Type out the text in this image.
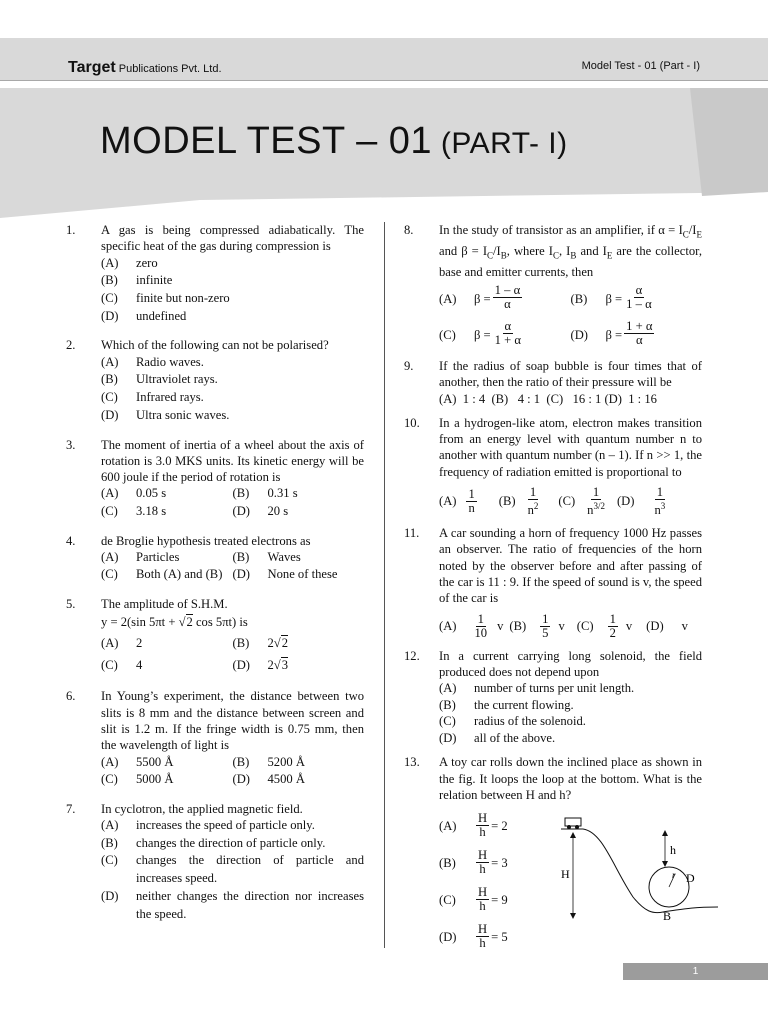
Target Publications Pvt. Ltd.	Model Test - 01 (Part - I)
MODEL TEST – 01 (PART- I)
1. A gas is being compressed adiabatically. The specific heat of the gas during compression is
(A)	zero
(B)	infinite
(C)	finite but non-zero
(D)	undefined
2. Which of the following can not be polarised?
(A)	Radio waves.
(B)	Ultraviolet rays.
(C)	Infrared rays.
(D)	Ultra sonic waves.
3. The moment of inertia of a wheel about the axis of rotation is 3.0 MKS units. Its kinetic energy will be 600 joule if the period of rotation is
(A)	0.05 s	(B)	0.31 s
(C)	3.18 s	(D)	20 s
4. de Broglie hypothesis treated electrons as
(A)	Particles	(B)	Waves
(C)	Both (A) and (B) (D)	None of these
5. The amplitude of S.H.M.
y = 2(sin 5πt + √2 cos 5πt) is
(A)	2	(B)	2√2
(C)	4	(D)	2√3
6. In Young’s experiment, the distance between two slits is 8 mm and the distance between screen and slit is 1.2 m. If the fringe width is 0.75 mm, then the wavelength of light is
(A)	5500 Å	(B)	5200 Å
(C)	5000 Å	(D)	4500 Å
7. In cyclotron, the applied magnetic field.
(A)	increases the speed of particle only.
(B)	changes the direction of particle only.
(C)	changes the direction of particle and increases speed.
(D)	neither changes the direction nor increases the speed.
8. In the study of transistor as an amplifier, if $\alpha = I_C/I_E$ and $\beta = I_C/I_B$, where $I_C$, $I_B$ and $I_E$ are the collector, base and emitter currents, then
(A)	$\beta = \frac{1 - \alpha}{\alpha}$	(B)	$\beta = \frac{\alpha}{1 - \alpha}$
(C)	$\beta = \frac{\alpha}{1 + \alpha}$	(D)	$\beta = \frac{1 + \alpha}{\alpha}$
9. If the radius of soap bubble is four times that of another, then the ratio of their pressure will be
(A)  1 : 4  (B)   4 : 1  (C)   16 : 1 (D)  1 : 16
10. In a hydrogen-like atom, electron makes transition from an energy level with quantum number n to another with quantum number (n – 1). If n >> 1, the frequency of radiation emitted is proportional to
$(A) \frac{1}{n} (B) \frac{1}{n^2} (C) \frac{1}{n^{3/2}} (D) \frac{1}{n^3}$
11. A car sounding a horn of frequency 1000 Hz passes an observer. The ratio of frequencies of the horn noted by the observer before and after passing of the car is 11 : 9. If the speed of sound is v, the speed of the car is
$(A) \frac{1}{10}$ v $(B) \frac{1}{5}$ v $(C) \frac{1}{2}$ v (D) v
12. In a current carrying long solenoid, the field produced does not depend upon
(A)	number of turns per unit length.
(B)	the current flowing.
(C)	radius of the solenoid.
(D)	all of the above.
13. A toy car rolls down the inclined place as shown in the fig. It loops the loop at the bottom. What is the relation between H and h?
(A)	$\frac{H}{h} = 2$
(B)	$\frac{H}{h} = 3$
(C)	$\frac{H}{h} = 9$
(D)	$\frac{H}{h} = 5$
H
h
r D
B
1
